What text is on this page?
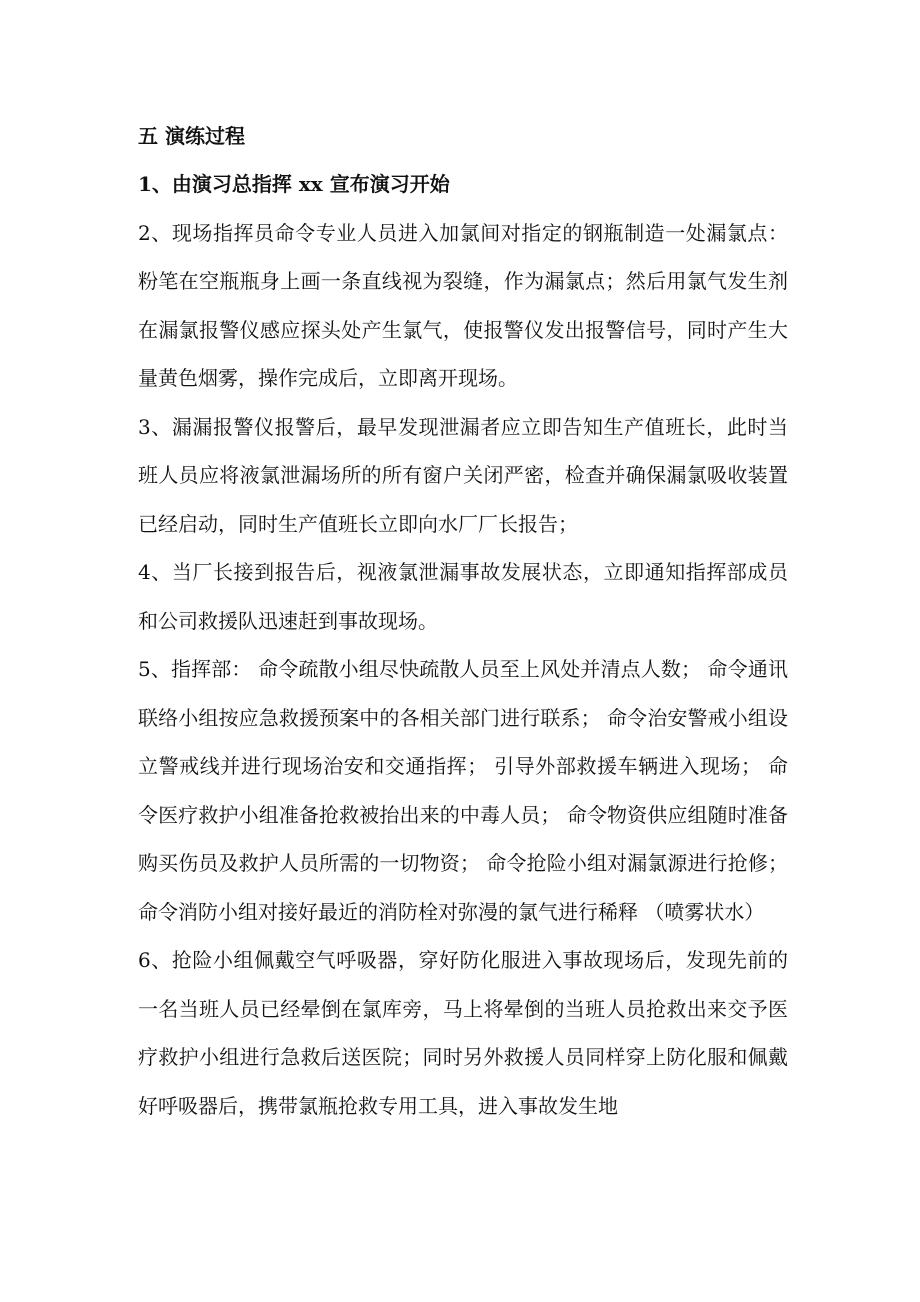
五 演练过程

1、由演习总指挥 xx 宣布演习开始

2、现场指挥员命令专业人员进入加氯间对指定的钢瓶制造一处漏氯点：粉笔在空瓶瓶身上画一条直线视为裂缝，作为漏氯点；然后用氯气发生剂在漏氯报警仪感应探头处产生氯气，使报警仪发出报警信号，同时产生大量黄色烟雾，操作完成后，立即离开现场。

3、漏漏报警仪报警后，最早发现泄漏者应立即告知生产值班长，此时当班人员应将液氯泄漏场所的所有窗户关闭严密，检查并确保漏氯吸收装置已经启动，同时生产值班长立即向水厂厂长报告；

4、当厂长接到报告后，视液氯泄漏事故发展状态，立即通知指挥部成员和公司救援队迅速赶到事故现场。

5、指挥部： 命令疏散小组尽快疏散人员至上风处并清点人数； 命令通讯联络小组按应急救援预案中的各相关部门进行联系； 命令治安警戒小组设立警戒线并进行现场治安和交通指挥； 引导外部救援车辆进入现场； 命令医疗救护小组准备抢救被抬出来的中毒人员； 命令物资供应组随时准备购买伤员及救护人员所需的一切物资； 命令抢险小组对漏氯源进行抢修； 命令消防小组对接好最近的消防栓对弥漫的氯气进行稀释 （喷雾状水）

6、抢险小组佩戴空气呼吸器，穿好防化服进入事故现场后，发现先前的一名当班人员已经晕倒在氯库旁，马上将晕倒的当班人员抢救出来交予医疗救护小组进行急救后送医院；同时另外救援人员同样穿上防化服和佩戴好呼吸器后，携带氯瓶抢救专用工具，进入事故发生地
